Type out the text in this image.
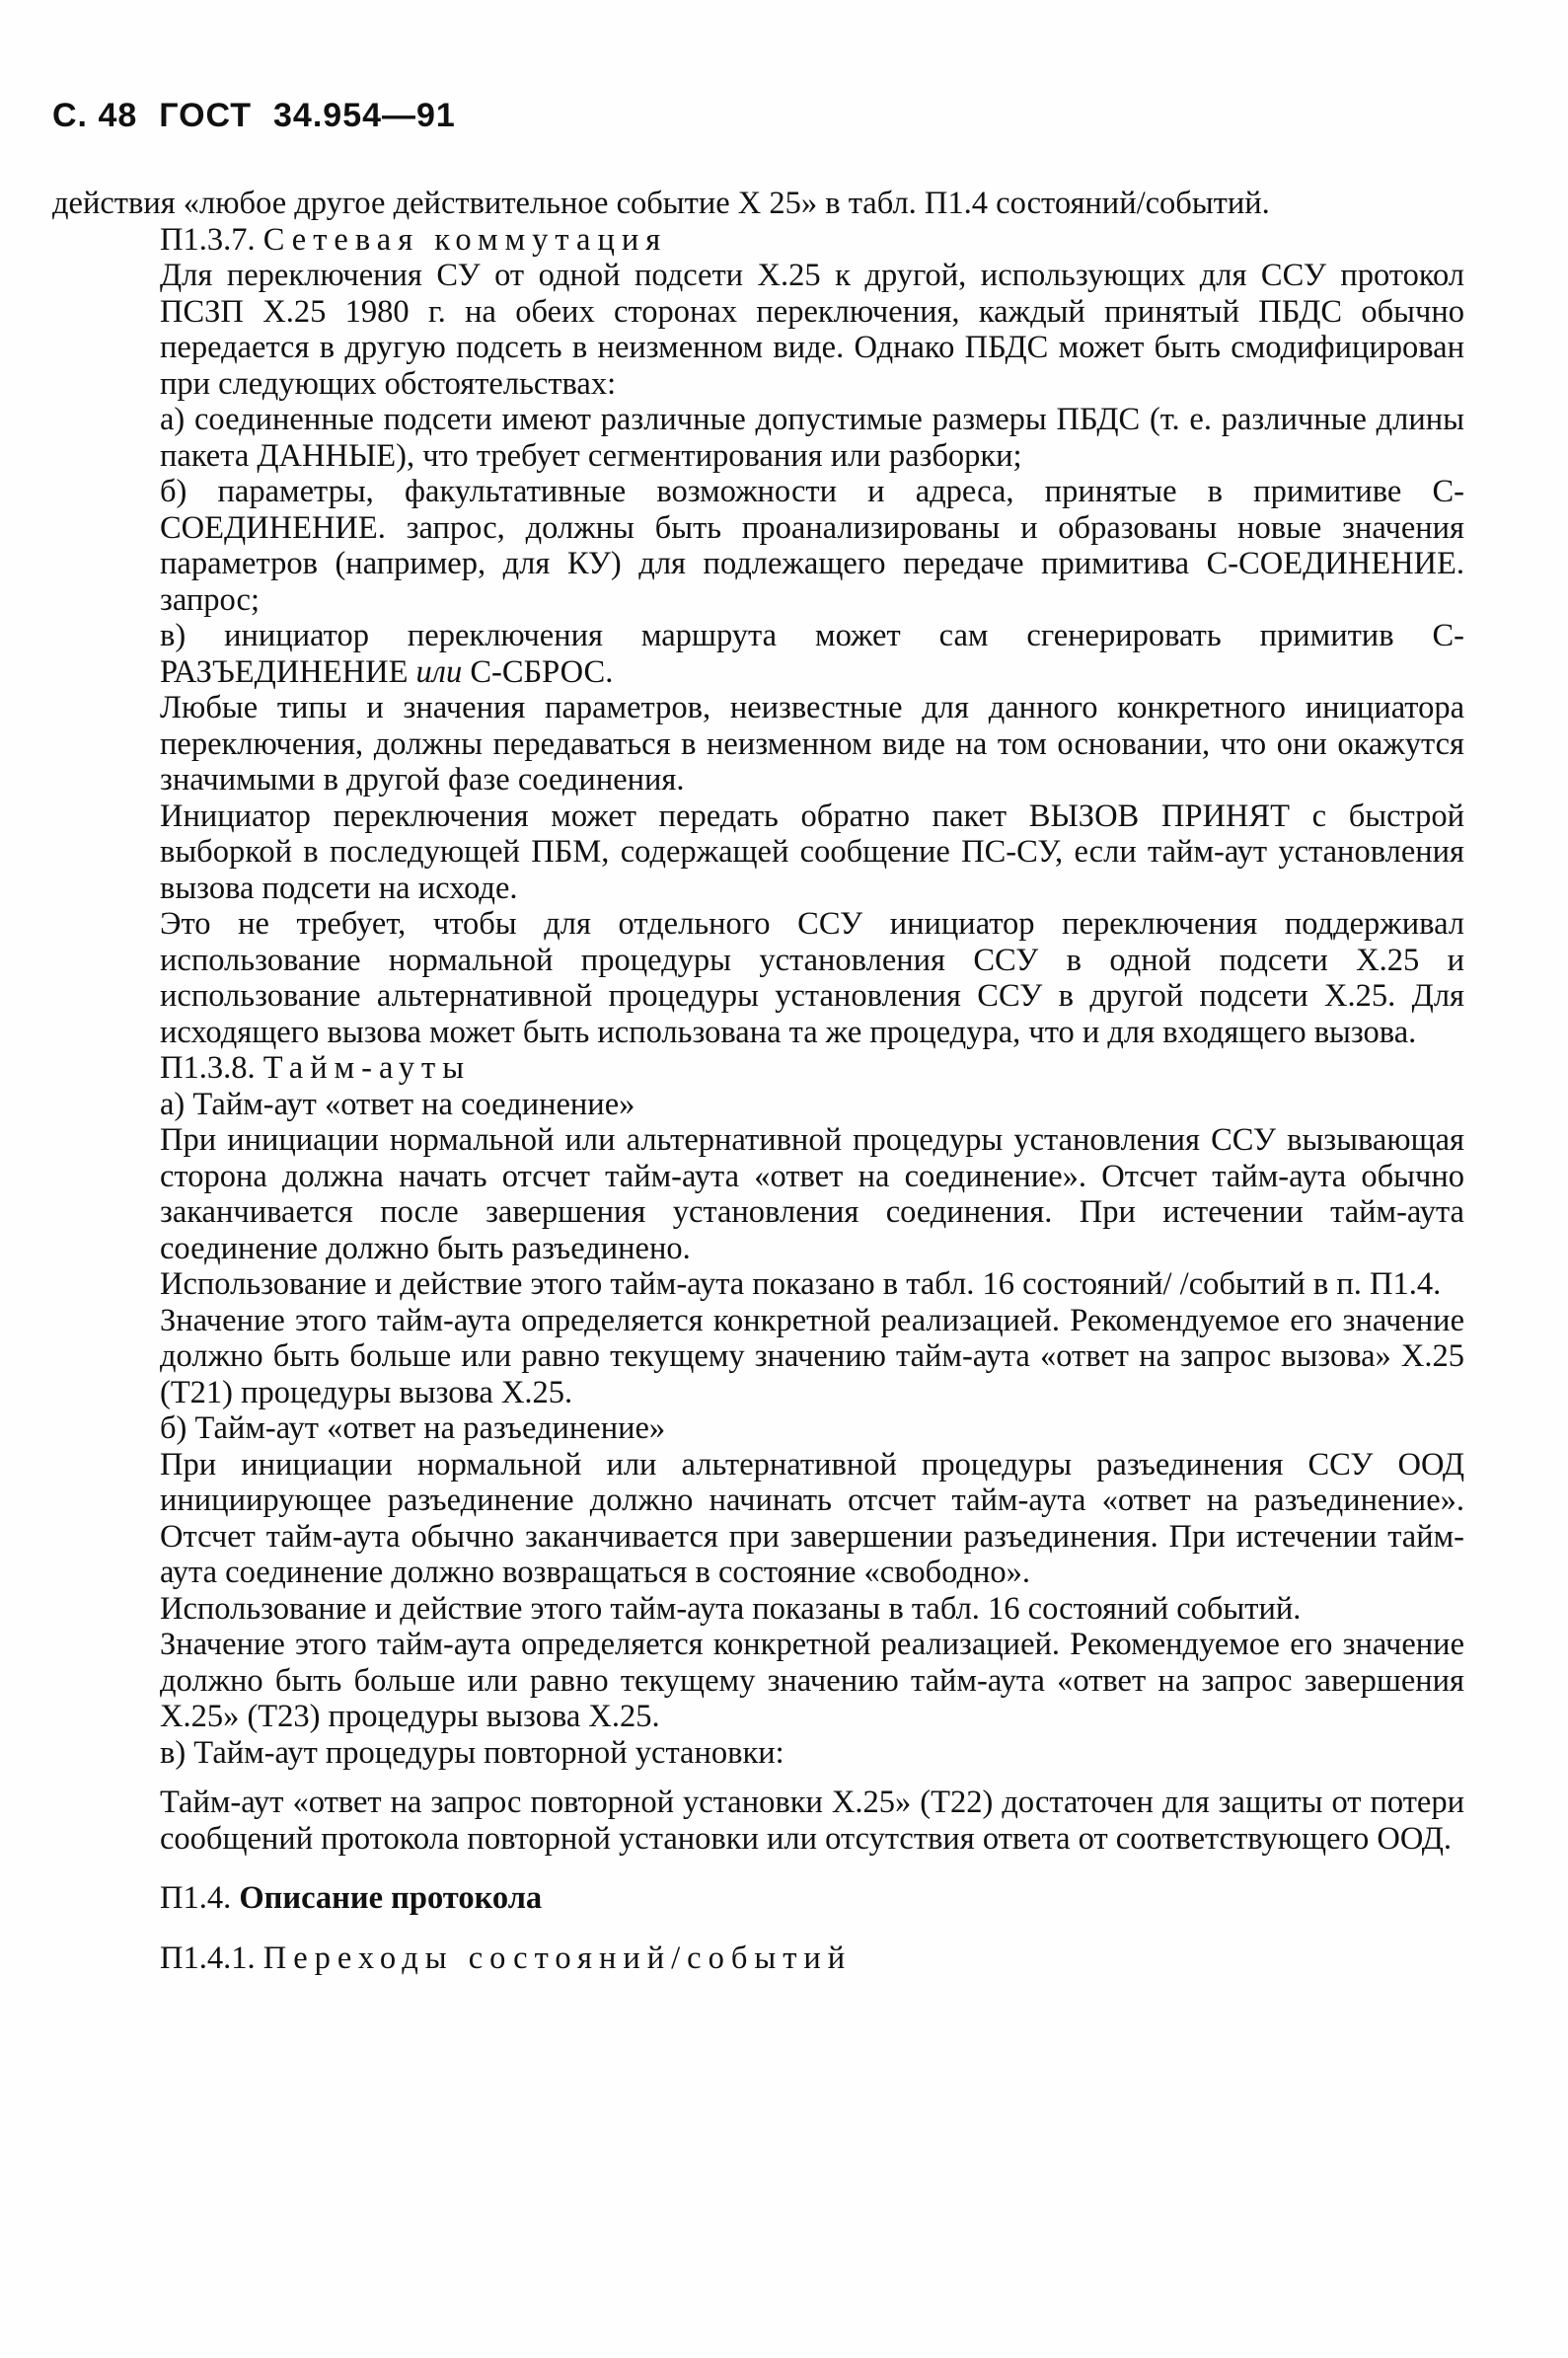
С. 48 ГОСТ 34.954—91

действия «любое другое действительное событие X 25» в табл. П1.4 состояний/событий.

П1.3.7. Сетевая коммутация

Для переключения СУ от одной подсети X.25 к другой, использующих для ССУ протокол ПСЗП X.25 1980 г. на обеих сторонах переключения, каждый принятый ПБДС обычно передается в другую подсеть в неизменном виде. Однако ПБДС может быть смодифицирован при следующих обстоятельствах:

а) соединенные подсети имеют различные допустимые размеры ПБДС (т. е. различные длины пакета ДАННЫЕ), что требует сегментирования или разборки;

б) параметры, факультативные возможности и адреса, принятые в примитиве С-СОЕДИНЕНИЕ. запрос, должны быть проанализированы и образованы новые значения параметров (например, для КУ) для подлежащего передаче примитива С-СОЕДИНЕНИЕ. запрос;

в) инициатор переключения маршрута может сам сгенерировать примитив С-РАЗЪЕДИНЕНИЕ или С-СБРОС.

Любые типы и значения параметров, неизвестные для данного конкретного инициатора переключения, должны передаваться в неизменном виде на том основании, что они окажутся значимыми в другой фазе соединения.

Инициатор переключения может передать обратно пакет ВЫЗОВ ПРИНЯТ с быстрой выборкой в последующей ПБМ, содержащей сообщение ПС-СУ, если тайм-аут установления вызова подсети на исходе.

Это не требует, чтобы для отдельного ССУ инициатор переключения поддерживал использование нормальной процедуры установления ССУ в одной подсети X.25 и использование альтернативной процедуры установления ССУ в другой подсети X.25. Для исходящего вызова может быть использована та же процедура, что и для входящего вызова.

П1.3.8. Тайм-ауты

а) Тайм-аут «ответ на соединение»

При инициации нормальной или альтернативной процедуры установления ССУ вызывающая сторона должна начать отсчет тайм-аута «ответ на соединение». Отсчет тайм-аута обычно заканчивается после завершения установления соединения. При истечении тайм-аута соединение должно быть разъединено.

Использование и действие этого тайм-аута показано в табл. 16 состояний/ /событий в п. П1.4.

Значение этого тайм-аута определяется конкретной реализацией. Рекомендуемое его значение должно быть больше или равно текущему значению тайм-аута «ответ на запрос вызова» X.25 (T21) процедуры вызова X.25.

б) Тайм-аут «ответ на разъединение»

При инициации нормальной или альтернативной процедуры разъединения ССУ ООД инициирующее разъединение должно начинать отсчет тайм-аута «ответ на разъединение». Отсчет тайм-аута обычно заканчивается при завершении разъединения. При истечении тайм-аута соединение должно возвращаться в состояние «свободно».

Использование и действие этого тайм-аута показаны в табл. 16 состояний событий.

Значение этого тайм-аута определяется конкретной реализацией. Рекомендуемое его значение должно быть больше или равно текущему значению тайм-аута «ответ на запрос завершения X.25» (T23) процедуры вызова X.25.

в) Тайм-аут процедуры повторной установки:

Тайм-аут «ответ на запрос повторной установки X.25» (T22) достаточен для защиты от потери сообщений протокола повторной установки или отсутствия ответа от соответствующего ООД.

П1.4. Описание протокола

П1.4.1. Переходы состояний/событий
